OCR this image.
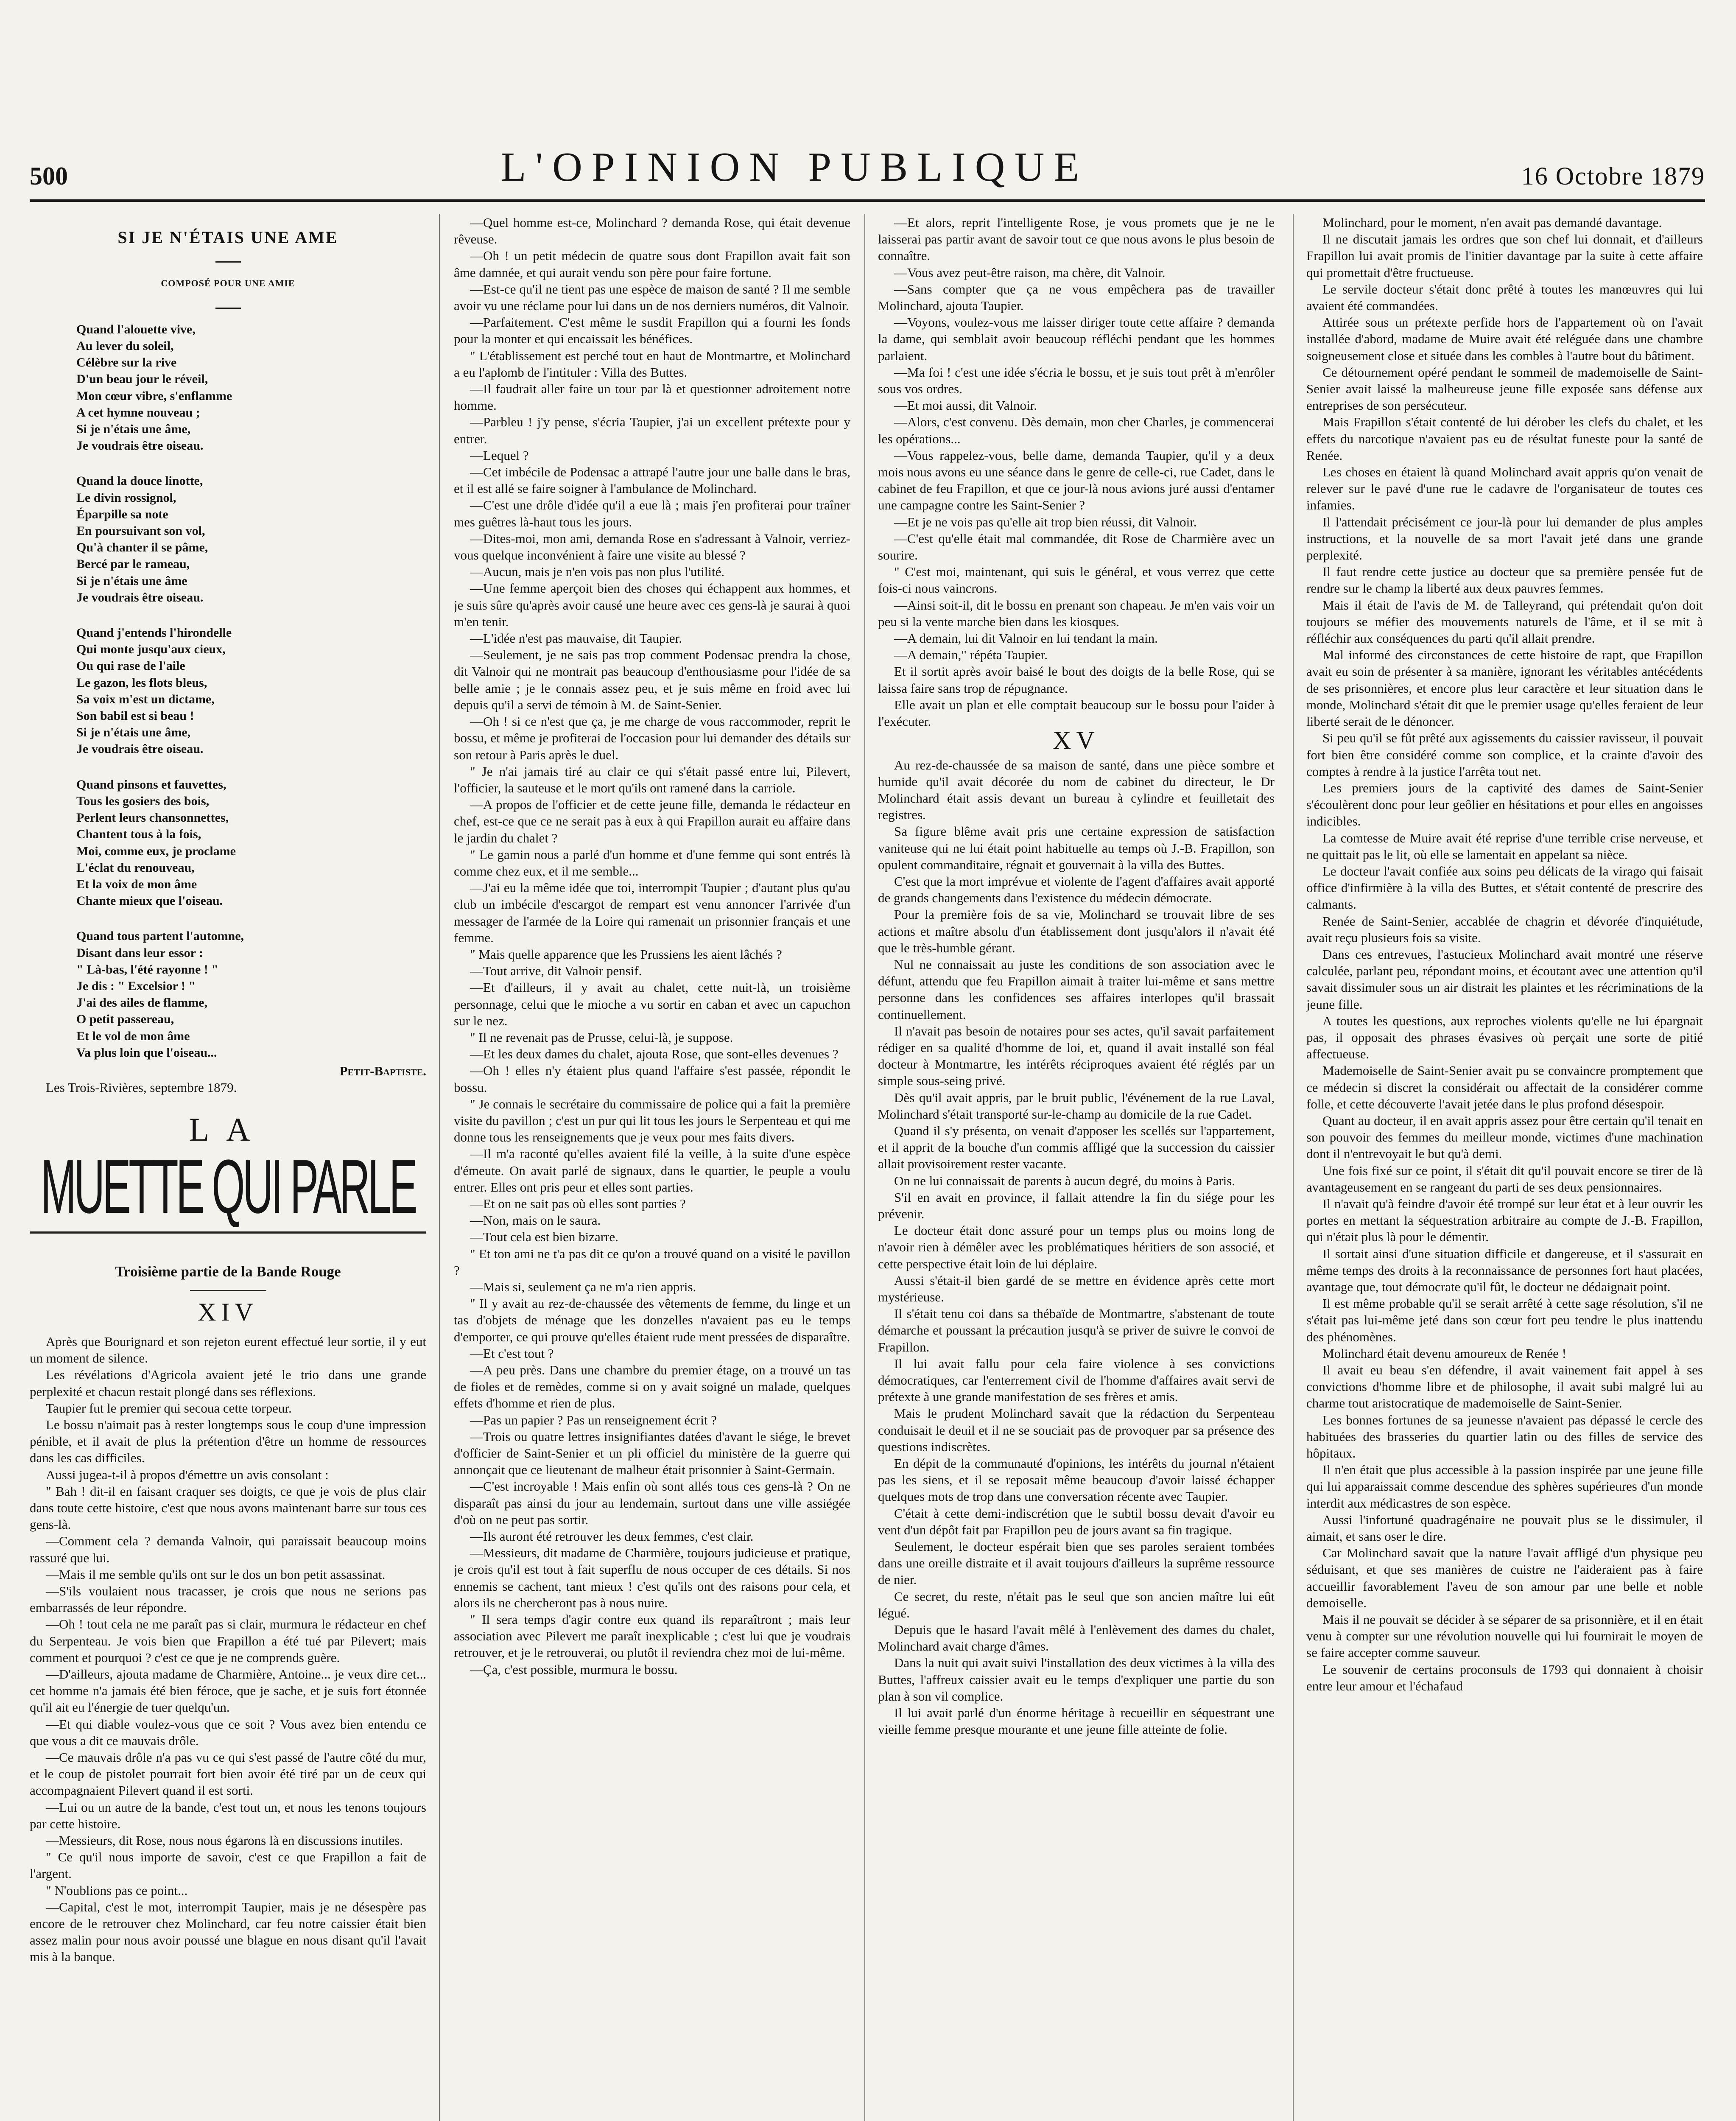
500	L'OPINION PUBLIQUE	16 Octobre 1879
SI JE N'ÉTAIS UNE AME
COMPOSÉ POUR UNE AMIE
Quand l'alouette vive,
Au lever du soleil,
Célèbre sur la rive
D'un beau jour le réveil,
Mon cœur vibre, s'enflamme
A cet hymne nouveau ;
Si je n'étais une âme,
Je voudrais être oiseau.
Quand la douce linotte,
Le divin rossignol,
Éparpille sa note
En poursuivant son vol,
Qu'à chanter il se pâme,
Bercé par le rameau,
Si je n'étais une âme
Je voudrais être oiseau.
Quand j'entends l'hirondelle
Qui monte jusqu'aux cieux,
Ou qui rase de l'aile
Le gazon, les flots bleus,
Sa voix m'est un dictame,
Son babil est si beau !
Si je n'étais une âme,
Je voudrais être oiseau.
Quand pinsons et fauvettes,
Tous les gosiers des bois,
Perlent leurs chansonnettes,
Chantent tous à la fois,
Moi, comme eux, je proclame
L'éclat du renouveau,
Et la voix de mon âme
Chante mieux que l'oiseau.
Quand tous partent l'automne,
Disant dans leur essor :
" Là-bas, l'été rayonne ! "
Je dis : " Excelsior ! "
J'ai des ailes de flamme,
O petit passereau,
Et le vol de mon âme
Va plus loin que l'oiseau...
Petit-Baptiste.

Les Trois-Rivières, septembre 1879.

LA
MUETTE QUI PARLE
Troisième partie de la Bande Rouge
XIV

Après que Bourignard et son rejeton eurent effectué leur sortie, il y eut un moment de silence.

Les révélations d'Agricola avaient jeté le trio dans une grande perplexité et chacun restait plongé dans ses réflexions.

Taupier fut le premier qui secoua cette torpeur.

Le bossu n'aimait pas à rester longtemps sous le coup d'une impression pénible, et il avait de plus la prétention d'être un homme de ressources dans les cas difficiles.

Aussi jugea-t-il à propos d'émettre un avis consolant :

" Bah ! dit-il en faisant craquer ses doigts, ce que je vois de plus clair dans toute cette histoire, c'est que nous avons maintenant barre sur tous ces gens-là.

—Comment cela ? demanda Valnoir, qui paraissait beaucoup moins rassuré que lui.

—Mais il me semble qu'ils ont sur le dos un bon petit assassinat.

—S'ils voulaient nous tracasser, je crois que nous ne serions pas embarrassés de leur répondre.

—Oh ! tout cela ne me paraît pas si clair, murmura le rédacteur en chef du Serpenteau. Je vois bien que Frapillon a été tué par Pilevert; mais comment et pourquoi ? c'est ce que je ne comprends guère.

—D'ailleurs, ajouta madame de Charmière, Antoine... je veux dire cet... cet homme n'a jamais été bien féroce, que je sache, et je suis fort étonnée qu'il ait eu l'énergie de tuer quelqu'un.

—Et qui diable voulez-vous que ce soit ? Vous avez bien entendu ce que vous a dit ce mauvais drôle.

—Ce mauvais drôle n'a pas vu ce qui s'est passé de l'autre côté du mur, et le coup de pistolet pourrait fort bien avoir été tiré par un de ceux qui accompagnaient Pilevert quand il est sorti.

—Lui ou un autre de la bande, c'est tout un, et nous les tenons toujours par cette histoire.

—Messieurs, dit Rose, nous nous égarons là en discussions inutiles.

" Ce qu'il nous importe de savoir, c'est ce que Frapillon a fait de l'argent.

" N'oublions pas ce point...

—Capital, c'est le mot, interrompit Taupier, mais je ne désespère pas encore de le retrouver chez Molinchard, car feu notre caissier était bien assez malin pour nous avoir poussé une blague en nous disant qu'il l'avait mis à la banque.

—Quel homme est-ce, Molinchard ? demanda Rose, qui était devenue rêveuse.

—Oh ! un petit médecin de quatre sous dont Frapillon avait fait son âme damnée, et qui aurait vendu son père pour faire fortune.

—Est-ce qu'il ne tient pas une espèce de maison de santé ? Il me semble avoir vu une réclame pour lui dans un de nos derniers numéros, dit Valnoir.

—Parfaitement. C'est même le susdit Frapillon qui a fourni les fonds pour la monter et qui encaissait les bénéfices.

" L'établissement est perché tout en haut de Montmartre, et Molinchard a eu l'aplomb de l'intituler : Villa des Buttes.

—Il faudrait aller faire un tour par là et questionner adroitement notre homme.

—Parbleu ! j'y pense, s'écria Taupier, j'ai un excellent prétexte pour y entrer.

—Lequel ?

—Cet imbécile de Podensac a attrapé l'autre jour une balle dans le bras, et il est allé se faire soigner à l'ambulance de Molinchard.

—C'est une drôle d'idée qu'il a eue là ; mais j'en profiterai pour traîner mes guêtres là-haut tous les jours.

—Dites-moi, mon ami, demanda Rose en s'adressant à Valnoir, verriez-vous quelque inconvénient à faire une visite au blessé ?

—Aucun, mais je n'en vois pas non plus l'utilité.

—Une femme aperçoit bien des choses qui échappent aux hommes, et je suis sûre qu'après avoir causé une heure avec ces gens-là je saurai à quoi m'en tenir.

—L'idée n'est pas mauvaise, dit Taupier.

—Seulement, je ne sais pas trop comment Podensac prendra la chose, dit Valnoir qui ne montrait pas beaucoup d'enthousiasme pour l'idée de sa belle amie ; je le connais assez peu, et je suis même en froid avec lui depuis qu'il a servi de témoin à M. de Saint-Senier.

—Oh ! si ce n'est que ça, je me charge de vous raccommoder, reprit le bossu, et même je profiterai de l'occasion pour lui demander des détails sur son retour à Paris après le duel.

" Je n'ai jamais tiré au clair ce qui s'était passé entre lui, Pilevert, l'officier, la sauteuse et le mort qu'ils ont ramené dans la carriole.

—A propos de l'officier et de cette jeune fille, demanda le rédacteur en chef, est-ce que ce ne serait pas à eux à qui Frapillon aurait eu affaire dans le jardin du chalet ?

" Le gamin nous a parlé d'un homme et d'une femme qui sont entrés là comme chez eux, et il me semble...

—J'ai eu la même idée que toi, interrompit Taupier ; d'autant plus qu'au club un imbécile d'escargot de rempart est venu annoncer l'arrivée d'un messager de l'armée de la Loire qui ramenait un prisonnier français et une femme.

" Mais quelle apparence que les Prussiens les aient lâchés ?

—Tout arrive, dit Valnoir pensif.

—Et d'ailleurs, il y avait au chalet, cette nuit-là, un troisième personnage, celui que le mioche a vu sortir en caban et avec un capuchon sur le nez.

" Il ne revenait pas de Prusse, celui-là, je suppose.

—Et les deux dames du chalet, ajouta Rose, que sont-elles devenues ?

—Oh ! elles n'y étaient plus quand l'affaire s'est passée, répondit le bossu.

" Je connais le secrétaire du commissaire de police qui a fait la première visite du pavillon ; c'est un pur qui lit tous les jours le Serpenteau et qui me donne tous les renseignements que je veux pour mes faits divers.

—Il m'a raconté qu'elles avaient filé la veille, à la suite d'une espèce d'émeute. On avait parlé de signaux, dans le quartier, le peuple a voulu entrer. Elles ont pris peur et elles sont parties.

—Et on ne sait pas où elles sont parties ?

—Non, mais on le saura.

—Tout cela est bien bizarre.

" Et ton ami ne t'a pas dit ce qu'on a trouvé quand on a visité le pavillon ?

—Mais si, seulement ça ne m'a rien appris.

" Il y avait au rez-de-chaussée des vêtements de femme, du linge et un tas d'objets de ménage que les donzelles n'avaient pas eu le temps d'emporter, ce qui prouve qu'elles étaient rude ment pressées de disparaître.

—Et c'est tout ?

—A peu près. Dans une chambre du premier étage, on a trouvé un tas de fioles et de remèdes, comme si on y avait soigné un malade, quelques effets d'homme et rien de plus.

—Pas un papier ? Pas un renseignement écrit ?

—Trois ou quatre lettres insignifiantes datées d'avant le siége, le brevet d'officier de Saint-Senier et un pli officiel du ministère de la guerre qui annonçait que ce lieutenant de malheur était prisonnier à Saint-Germain.

—C'est incroyable ! Mais enfin où sont allés tous ces gens-là ? On ne disparaît pas ainsi du jour au lendemain, surtout dans une ville assiégée d'où on ne peut pas sortir.

—Ils auront été retrouver les deux femmes, c'est clair.

—Messieurs, dit madame de Charmière, toujours judicieuse et pratique, je crois qu'il est tout à fait superflu de nous occuper de ces détails. Si nos ennemis se cachent, tant mieux ! c'est qu'ils ont des raisons pour cela, et alors ils ne chercheront pas à nous nuire.

" Il sera temps d'agir contre eux quand ils reparaîtront ; mais leur association avec Pilevert me paraît inexplicable ; c'est lui que je voudrais retrouver, et je le retrouverai, ou plutôt il reviendra chez moi de lui-même.

—Ça, c'est possible, murmura le bossu.

—Et alors, reprit l'intelligente Rose, je vous promets que je ne le laisserai pas partir avant de savoir tout ce que nous avons le plus besoin de connaître.

—Vous avez peut-être raison, ma chère, dit Valnoir.

—Sans compter que ça ne vous empêchera pas de travailler Molinchard, ajouta Taupier.

—Voyons, voulez-vous me laisser diriger toute cette affaire ? demanda la dame, qui semblait avoir beaucoup réfléchi pendant que les hommes parlaient.

—Ma foi ! c'est une idée s'écria le bossu, et je suis tout prêt à m'enrôler sous vos ordres.

—Et moi aussi, dit Valnoir.

—Alors, c'est convenu. Dès demain, mon cher Charles, je commencerai les opérations...

—Vous rappelez-vous, belle dame, demanda Taupier, qu'il y a deux mois nous avons eu une séance dans le genre de celle-ci, rue Cadet, dans le cabinet de feu Frapillon, et que ce jour-là nous avions juré aussi d'entamer une campagne contre les Saint-Senier ?

—Et je ne vois pas qu'elle ait trop bien réussi, dit Valnoir.

—C'est qu'elle était mal commandée, dit Rose de Charmière avec un sourire.

" C'est moi, maintenant, qui suis le général, et vous verrez que cette fois-ci nous vaincrons.

—Ainsi soit-il, dit le bossu en prenant son chapeau. Je m'en vais voir un peu si la vente marche bien dans les kiosques.

—A demain, lui dit Valnoir en lui tendant la main.

—A demain," répéta Taupier.

Et il sortit après avoir baisé le bout des doigts de la belle Rose, qui se laissa faire sans trop de répugnance.

Elle avait un plan et elle comptait beaucoup sur le bossu pour l'aider à l'exécuter.

XV

Au rez-de-chaussée de sa maison de santé, dans une pièce sombre et humide qu'il avait décorée du nom de cabinet du directeur, le Dr Molinchard était assis devant un bureau à cylindre et feuilletait des registres.

Sa figure blême avait pris une certaine expression de satisfaction vaniteuse qui ne lui était point habituelle au temps où J.-B. Frapillon, son opulent commanditaire, régnait et gouvernait à la villa des Buttes.

C'est que la mort imprévue et violente de l'agent d'affaires avait apporté de grands changements dans l'existence du médecin démocrate.

Pour la première fois de sa vie, Molinchard se trouvait libre de ses actions et maître absolu d'un établissement dont jusqu'alors il n'avait été que le très-humble gérant.

Nul ne connaissait au juste les conditions de son association avec le défunt, attendu que feu Frapillon aimait à traiter lui-même et sans mettre personne dans les confidences ses affaires interlopes qu'il brassait continuellement.

Il n'avait pas besoin de notaires pour ses actes, qu'il savait parfaitement rédiger en sa qualité d'homme de loi, et, quand il avait installé son féal docteur à Montmartre, les intérêts réciproques avaient été réglés par un simple sous-seing privé.

Dès qu'il avait appris, par le bruit public, l'événement de la rue Laval, Molinchard s'était transporté sur-le-champ au domicile de la rue Cadet.

Quand il s'y présenta, on venait d'apposer les scellés sur l'appartement, et il apprit de la bouche d'un commis affligé que la succession du caissier allait provisoirement rester vacante.

On ne lui connaissait de parents à aucun degré, du moins à Paris.

S'il en avait en province, il fallait attendre la fin du siége pour les prévenir.

Le docteur était donc assuré pour un temps plus ou moins long de n'avoir rien à démêler avec les problématiques héritiers de son associé, et cette perspective était loin de lui déplaire.

Aussi s'était-il bien gardé de se mettre en évidence après cette mort mystérieuse.

Il s'était tenu coi dans sa thébaïde de Montmartre, s'abstenant de toute démarche et poussant la précaution jusqu'à se priver de suivre le convoi de Frapillon.

Il lui avait fallu pour cela faire violence à ses convictions démocratiques, car l'enterrement civil de l'homme d'affaires avait servi de prétexte à une grande manifestation de ses frères et amis.

Mais le prudent Molinchard savait que la rédaction du Serpenteau conduisait le deuil et il ne se souciait pas de provoquer par sa présence des questions indiscrètes.

En dépit de la communauté d'opinions, les intérêts du journal n'étaient pas les siens, et il se reposait même beaucoup d'avoir laissé échapper quelques mots de trop dans une conversation récente avec Taupier.

C'était à cette demi-indiscrétion que le subtil bossu devait d'avoir eu vent d'un dépôt fait par Frapillon peu de jours avant sa fin tragique.

Seulement, le docteur espérait bien que ses paroles seraient tombées dans une oreille distraite et il avait toujours d'ailleurs la suprême ressource de nier.

Ce secret, du reste, n'était pas le seul que son ancien maître lui eût légué.

Depuis que le hasard l'avait mêlé à l'enlèvement des dames du chalet, Molinchard avait charge d'âmes.

Dans la nuit qui avait suivi l'installation des deux victimes à la villa des Buttes, l'affreux caissier avait eu le temps d'expliquer une partie du son plan à son vil complice.

Il lui avait parlé d'un énorme héritage à recueillir en séquestrant une vieille femme presque mourante et une jeune fille atteinte de folie.

Molinchard, pour le moment, n'en avait pas demandé davantage.

Il ne discutait jamais les ordres que son chef lui donnait, et d'ailleurs Frapillon lui avait promis de l'initier davantage par la suite à cette affaire qui promettait d'être fructueuse.

Le servile docteur s'était donc prêté à toutes les manœuvres qui lui avaient été commandées.

Attirée sous un prétexte perfide hors de l'appartement où on l'avait installée d'abord, madame de Muire avait été reléguée dans une chambre soigneusement close et située dans les combles à l'autre bout du bâtiment.

Ce détournement opéré pendant le sommeil de mademoiselle de Saint-Senier avait laissé la malheureuse jeune fille exposée sans défense aux entreprises de son persécuteur.

Mais Frapillon s'était contenté de lui dérober les clefs du chalet, et les effets du narcotique n'avaient pas eu de résultat funeste pour la santé de Renée.

Les choses en étaient là quand Molinchard avait appris qu'on venait de relever sur le pavé d'une rue le cadavre de l'organisateur de toutes ces infamies.

Il l'attendait précisément ce jour-là pour lui demander de plus amples instructions, et la nouvelle de sa mort l'avait jeté dans une grande perplexité.

Il faut rendre cette justice au docteur que sa première pensée fut de rendre sur le champ la liberté aux deux pauvres femmes.

Mais il était de l'avis de M. de Talleyrand, qui prétendait qu'on doit toujours se méfier des mouvements naturels de l'âme, et il se mit à réfléchir aux conséquences du parti qu'il allait prendre.

Mal informé des circonstances de cette histoire de rapt, que Frapillon avait eu soin de présenter à sa manière, ignorant les véritables antécédents de ses prisonnières, et encore plus leur caractère et leur situation dans le monde, Molinchard s'était dit que le premier usage qu'elles feraient de leur liberté serait de le dénoncer.

Si peu qu'il se fût prêté aux agissements du caissier ravisseur, il pouvait fort bien être considéré comme son complice, et la crainte d'avoir des comptes à rendre à la justice l'arrêta tout net.

Les premiers jours de la captivité des dames de Saint-Senier s'écoulèrent donc pour leur geôlier en hésitations et pour elles en angoisses indicibles.

La comtesse de Muire avait été reprise d'une terrible crise nerveuse, et ne quittait pas le lit, où elle se lamentait en appelant sa nièce.

Le docteur l'avait confiée aux soins peu délicats de la virago qui faisait office d'infirmière à la villa des Buttes, et s'était contenté de prescrire des calmants.

Renée de Saint-Senier, accablée de chagrin et dévorée d'inquiétude, avait reçu plusieurs fois sa visite.

Dans ces entrevues, l'astucieux Molinchard avait montré une réserve calculée, parlant peu, répondant moins, et écoutant avec une attention qu'il savait dissimuler sous un air distrait les plaintes et les récriminations de la jeune fille.

A toutes les questions, aux reproches violents qu'elle ne lui épargnait pas, il opposait des phrases évasives où perçait une sorte de pitié affectueuse.

Mademoiselle de Saint-Senier avait pu se convaincre promptement que ce médecin si discret la considérait ou affectait de la considérer comme folle, et cette découverte l'avait jetée dans le plus profond désespoir.

Quant au docteur, il en avait appris assez pour être certain qu'il tenait en son pouvoir des femmes du meilleur monde, victimes d'une machination dont il n'entrevoyait le but qu'à demi.

Une fois fixé sur ce point, il s'était dit qu'il pouvait encore se tirer de là avantageusement en se rangeant du parti de ses deux pensionnaires.

Il n'avait qu'à feindre d'avoir été trompé sur leur état et à leur ouvrir les portes en mettant la séquestration arbitraire au compte de J.-B. Frapillon, qui n'était plus là pour le démentir.

Il sortait ainsi d'une situation difficile et dangereuse, et il s'assurait en même temps des droits à la reconnaissance de personnes fort haut placées, avantage que, tout démocrate qu'il fût, le docteur ne dédaignait point.

Il est même probable qu'il se serait arrêté à cette sage résolution, s'il ne s'était pas lui-même jeté dans son cœur fort peu tendre le plus inattendu des phénomènes.

Molinchard était devenu amoureux de Renée !

Il avait eu beau s'en défendre, il avait vainement fait appel à ses convictions d'homme libre et de philosophe, il avait subi malgré lui au charme tout aristocratique de mademoiselle de Saint-Senier.

Les bonnes fortunes de sa jeunesse n'avaient pas dépassé le cercle des habituées des brasseries du quartier latin ou des filles de service des hôpitaux.

Il n'en était que plus accessible à la passion inspirée par une jeune fille qui lui apparaissait comme descendue des sphères supérieures d'un monde interdit aux médicastres de son espèce.

Aussi l'infortuné quadragénaire ne pouvait plus se le dissimuler, il aimait, et sans oser le dire.

Car Molinchard savait que la nature l'avait affligé d'un physique peu séduisant, et que ses manières de cuistre ne l'aideraient pas à faire accueillir favorablement l'aveu de son amour par une belle et noble demoiselle.

Mais il ne pouvait se décider à se séparer de sa prisonnière, et il en était venu à compter sur une révolution nouvelle qui lui fournirait le moyen de se faire accepter comme sauveur.

Le souvenir de certains proconsuls de 1793 qui donnaient à choisir entre leur amour et l'échafaud
